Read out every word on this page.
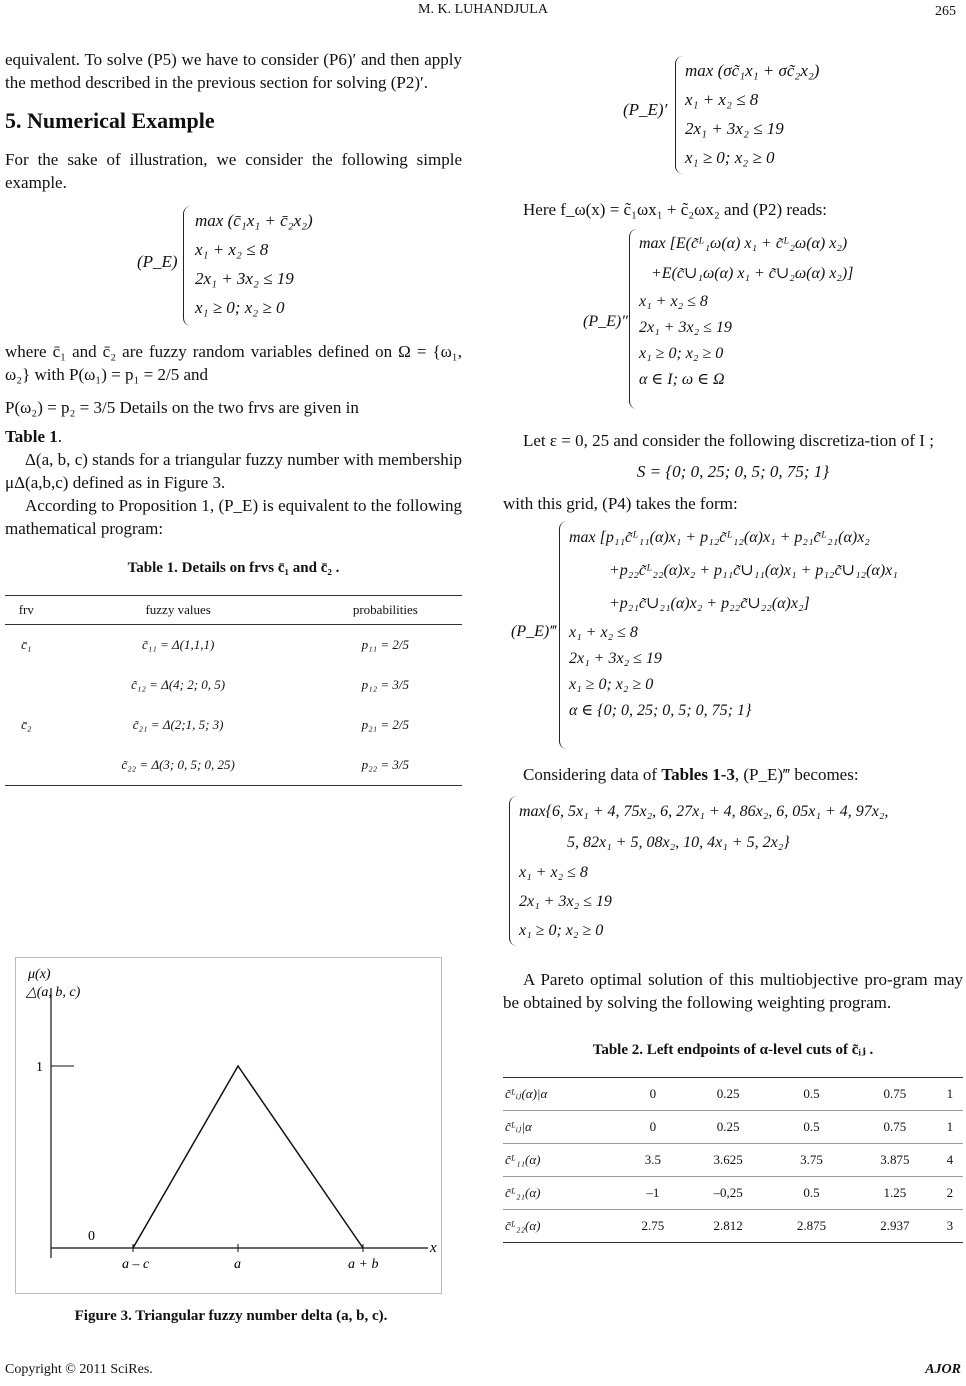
M. K. LUHANDJULA	265

equivalent. To solve (P5) we have to consider (P6)′ and then apply the method described in the previous section for solving (P2)′.

5. Numerical Example

For the sake of illustration, we consider the following simple example.

(P_E)
max (c̄₁x₁ + c̄₂x₂)
x₁ + x₂ ≤ 8
2x₁ + 3x₂ ≤ 19
x₁ ≥ 0; x₂ ≥ 0

where c̄₁ and c̄₂ are fuzzy random variables defined on Ω = {ω₁, ω₂} with P(ω₁) = p₁ = 2/5 and

P(ω₂) = p₂ = 3/5 Details on the two frvs are given in

Table 1.

Δ(a, b, c) stands for a triangular fuzzy number with membership μΔ(a,b,c) defined as in Figure 3.

According to Proposition 1, (P_E) is equivalent to the following mathematical program:

Table 1. Details on frvs c̄₁ and c̄₂ .
frv	fuzzy values	probabilities
c̄₁	c̃₁₁ = Δ(1,1,1)	p₁₁ = 2/5
	c̃₁₂ = Δ(4; 2; 0, 5)	p₁₂ = 3/5
c̄₂	c̃₂₁ = Δ(2;1, 5; 3)	p₂₁ = 2/5
	c̃₂₂ = Δ(3; 0, 5; 0, 25)	p₂₂ = 3/5
μ(x)
△(a, b, c)
1
0
x
a – c	a	a + b
Figure 3. Triangular fuzzy number delta (a, b, c).
(P_E)′
max (σc̃₁x₁ + σc̃₂x₂)
x₁ + x₂ ≤ 8
2x₁ + 3x₂ ≤ 19
x₁ ≥ 0; x₂ ≥ 0

Here f_ω(x) = c̃₁ωx₁ + c̃₂ωx₂ and (P2) reads:

(P_E)″
max [E(c̃ᴸ₁ω(α) x₁ + c̃ᴸ₂ω(α) x₂)
+E(c̃∪₁ω(α) x₁ + c̃∪₂ω(α) x₂)]
x₁ + x₂ ≤ 8
2x₁ + 3x₂ ≤ 19
x₁ ≥ 0; x₂ ≥ 0
α ∈ I; ω ∈ Ω

Let ε = 0, 25 and consider the following discretiza-tion of I ;

S = {0; 0, 25; 0, 5; 0, 75; 1}

with this grid, (P4) takes the form:

(P_E)‴
max [p₁₁c̃ᴸ₁₁(α)x₁ + p₁₂c̃ᴸ₁₂(α)x₁ + p₂₁c̃ᴸ₂₁(α)x₂
+p₂₂c̃ᴸ₂₂(α)x₂ + p₁₁c̃∪₁₁(α)x₁ + p₁₂c̃∪₁₂(α)x₁
+p₂₁c̃∪₂₁(α)x₂ + p₂₂c̃∪₂₂(α)x₂]
x₁ + x₂ ≤ 8
2x₁ + 3x₂ ≤ 19
x₁ ≥ 0; x₂ ≥ 0
α ∈ {0; 0, 25; 0, 5; 0, 75; 1}

Considering data of Tables 1-3, (P_E)‴ becomes:

max{6, 5x₁ + 4, 75x₂, 6, 27x₁ + 4, 86x₂, 6, 05x₁ + 4, 97x₂,
5, 82x₁ + 5, 08x₂, 10, 4x₁ + 5, 2x₂}
x₁ + x₂ ≤ 8
2x₁ + 3x₂ ≤ 19
x₁ ≥ 0; x₂ ≥ 0

A Pareto optimal solution of this multiobjective pro-gram may be obtained by solving the following weighting program.

Table 2. Left endpoints of α-level cuts of c̃ᵢⱼ .
c̃ᴸᵢⱼ(α)|α	0	0.25	0.5	0.75	1
c̃ᴸᵢⱼ|α	0	0.25	0.5	0.75	1
c̃ᴸ₁₁(α)	3.5	3.625	3.75	3.875	4
c̃ᴸ₂₁(α)	–1	–0,25	0.5	1.25	2
c̃ᴸ₂₂(α)	2.75	2.812	2.875	2.937	3
Copyright © 2011 SciRes.	AJOR
